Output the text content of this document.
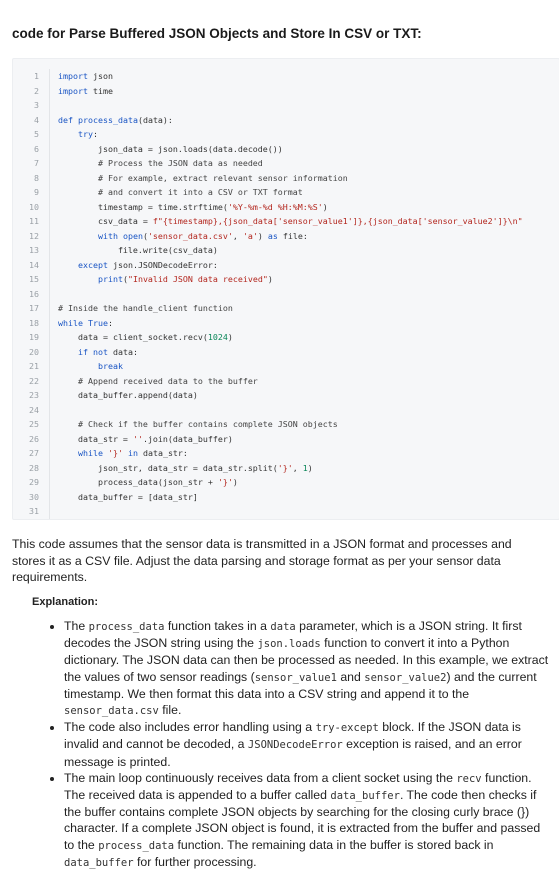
code for Parse Buffered JSON Objects and Store In CSV or TXT:
1	import json
2	import time
3
4	def process_data(data):
5	try:
6	json_data = json.loads(data.decode())
7	# Process the JSON data as needed
8	# For example, extract relevant sensor information
9	# and convert it into a CSV or TXT format
10	timestamp = time.strftime('%Y-%m-%d %H:%M:%S')
11	csv_data = f"{timestamp},{json_data['sensor_value1']},{json_data['sensor_value2']}\n"
12	with open('sensor_data.csv', 'a') as file:
13	file.write(csv_data)
14	except json.JSONDecodeError:
15	print("Invalid JSON data received")
16
17	# Inside the handle_client function
18	while True:
19	data = client_socket.recv(1024)
20	if not data:
21	break
22	# Append received data to the buffer
23	data_buffer.append(data)
24
25	# Check if the buffer contains complete JSON objects
26	data_str = ''.join(data_buffer)
27	while '}' in data_str:
28	json_str, data_str = data_str.split('}', 1)
29	process_data(json_str + '}')
30	data_buffer = [data_str]
31
This code assumes that the sensor data is transmitted in a JSON format and processes and stores it as a CSV file. Adjust the data parsing and storage format as per your sensor data requirements.
Explanation:
• The process_data function takes in a data parameter, which is a JSON string. It first decodes the JSON string using the json.loads function to convert it into a Python dictionary. The JSON data can then be processed as needed. In this example, we extract the values of two sensor readings (sensor_value1 and sensor_value2) and the current timestamp. We then format this data into a CSV string and append it to the sensor_data.csv file.
• The code also includes error handling using a try-except block. If the JSON data is invalid and cannot be decoded, a JSONDecodeError exception is raised, and an error message is printed.
• The main loop continuously receives data from a client socket using the recv function. The received data is appended to a buffer called data_buffer. The code then checks if the buffer contains complete JSON objects by searching for the closing curly brace (}) character. If a complete JSON object is found, it is extracted from the buffer and passed to the process_data function. The remaining data in the buffer is stored back in data_buffer for further processing.
